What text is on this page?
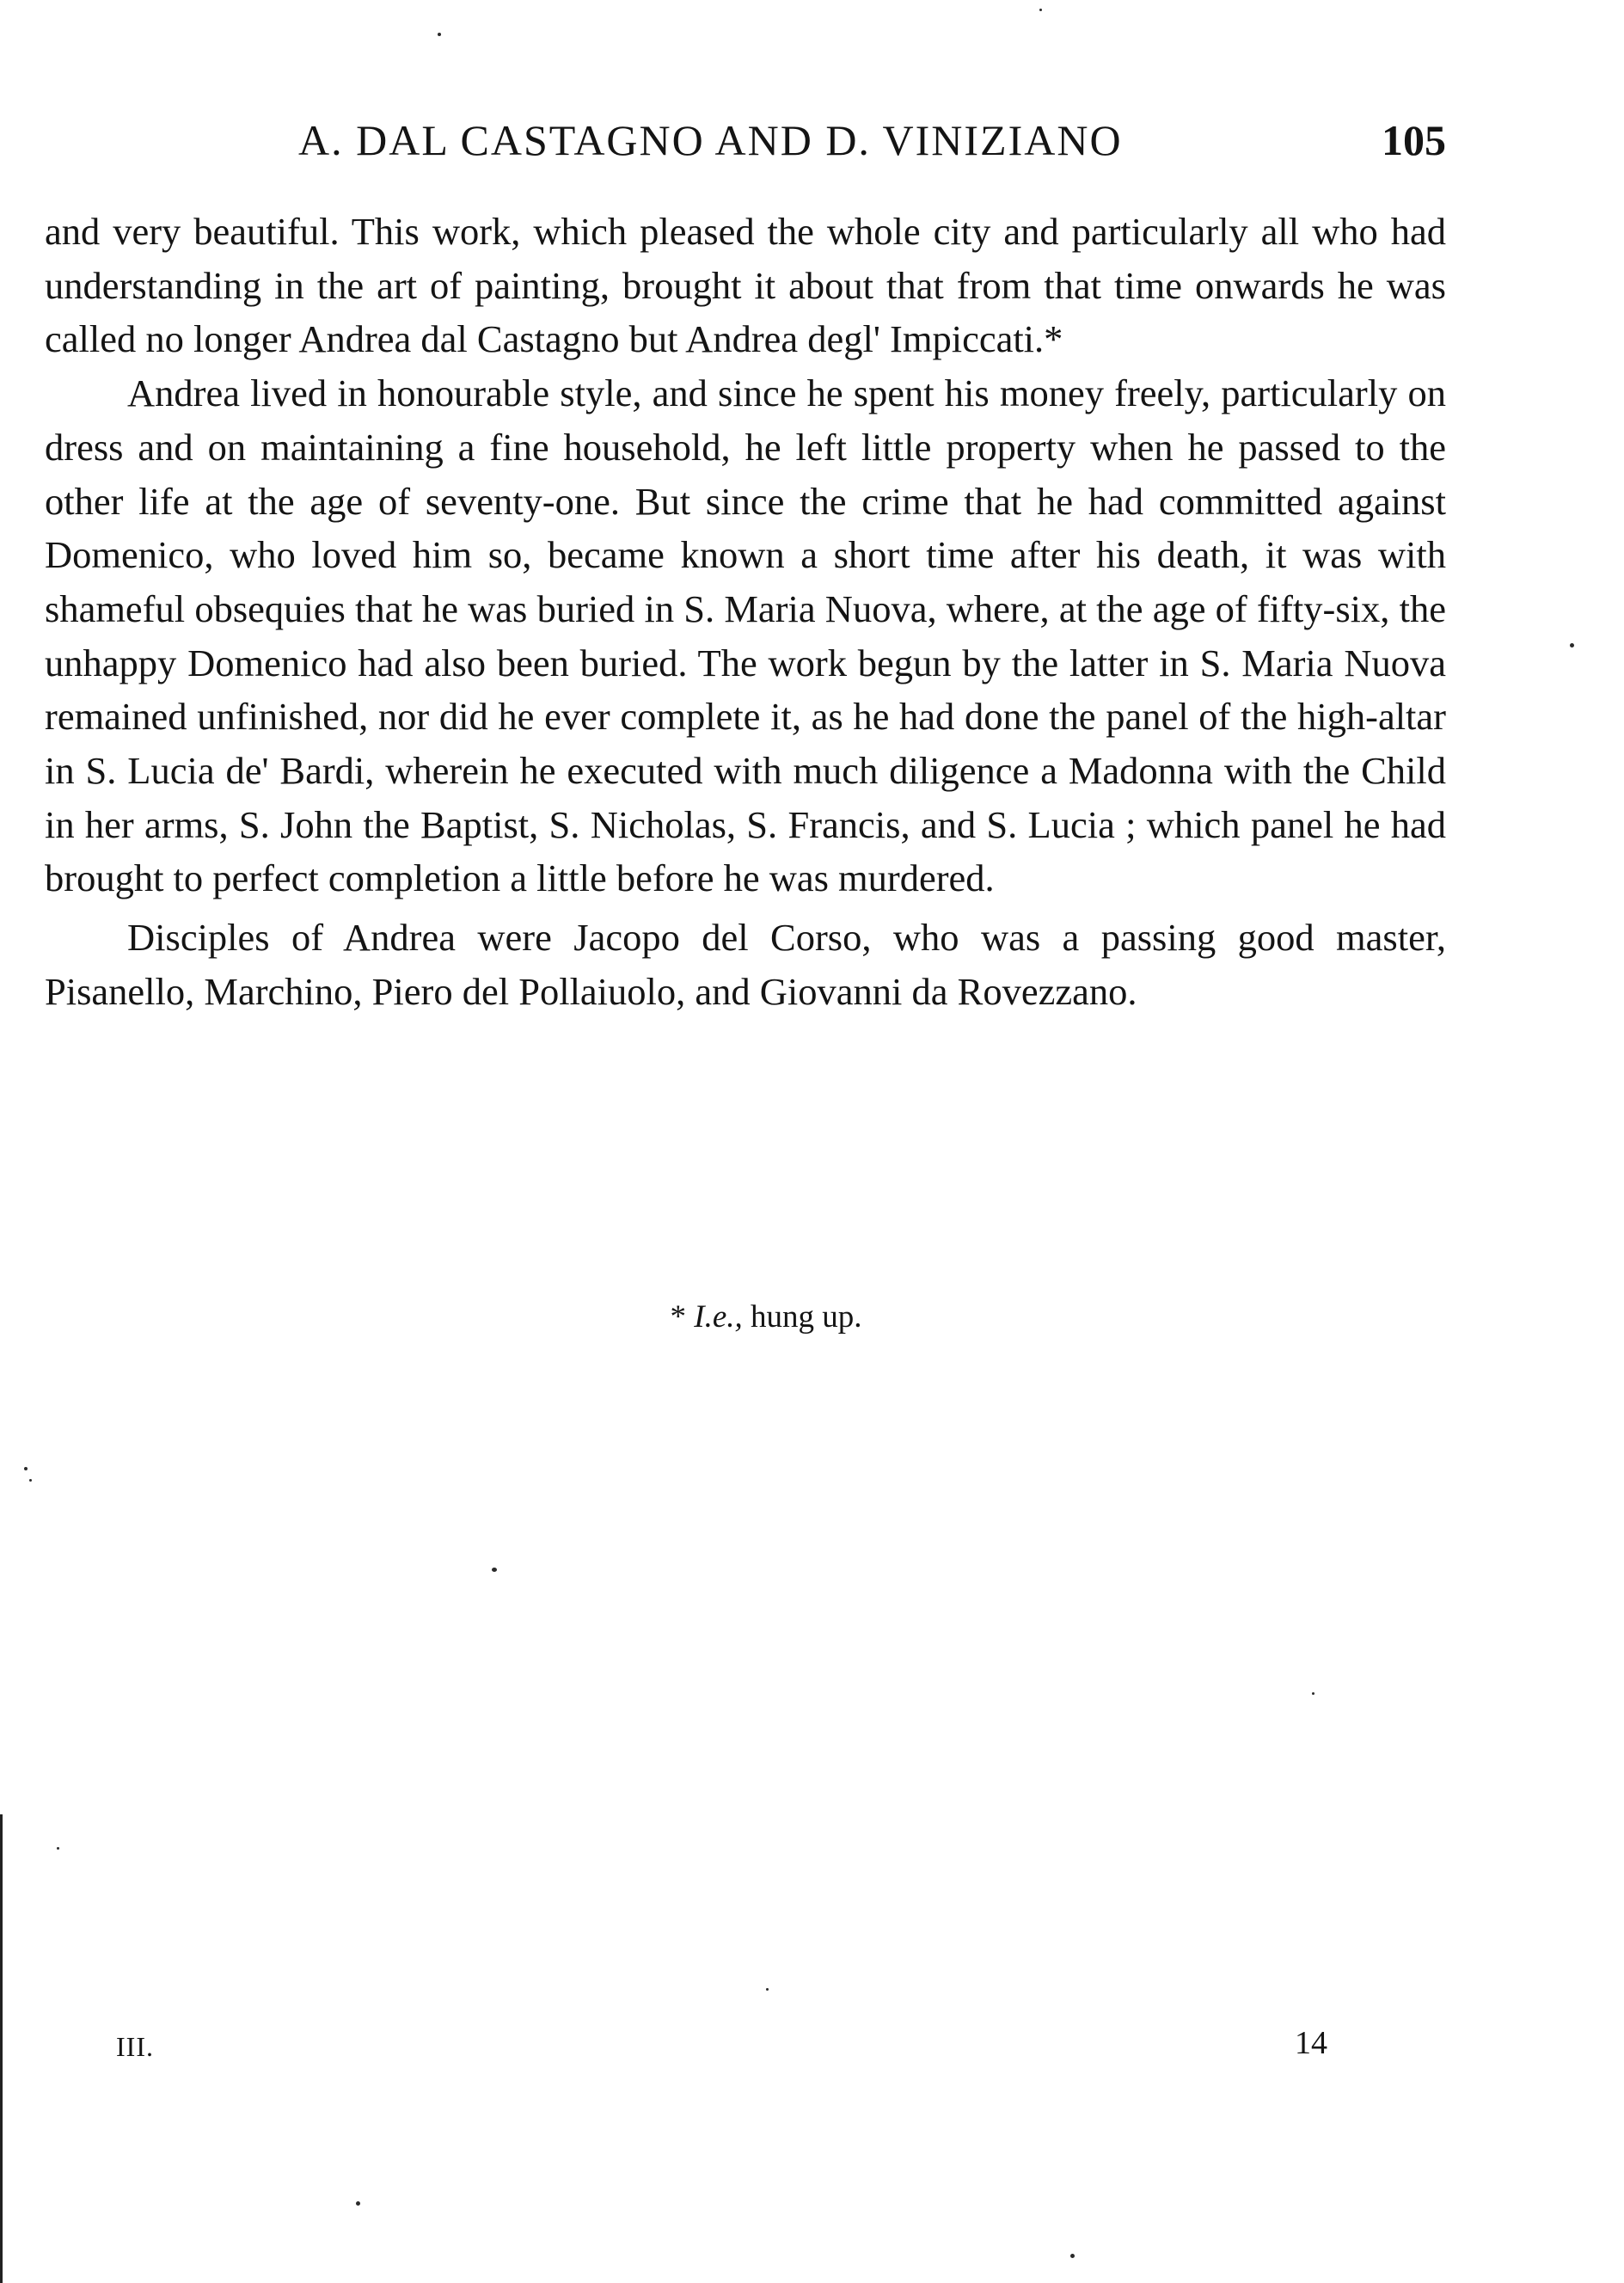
A. DAL CASTAGNO AND D. VINIZIANO	105

and very beautiful. This work, which pleased the whole city and particularly all who had understanding in the art of painting, brought it about that from that time onwards he was called no longer Andrea dal Castagno but Andrea degl' Impiccati.*

Andrea lived in honourable style, and since he spent his money freely, particularly on dress and on maintaining a fine household, he left little property when he passed to the other life at the age of seventy-one. But since the crime that he had committed against Domenico, who loved him so, became known a short time after his death, it was with shameful obsequies that he was buried in S. Maria Nuova, where, at the age of fifty-six, the unhappy Domenico had also been buried. The work begun by the latter in S. Maria Nuova remained unfinished, nor did he ever complete it, as he had done the panel of the high-altar in S. Lucia de' Bardi, wherein he executed with much diligence a Madonna with the Child in her arms, S. John the Baptist, S. Nicholas, S. Francis, and S. Lucia ; which panel he had brought to perfect completion a little before he was murdered.

Disciples of Andrea were Jacopo del Corso, who was a passing good master, Pisanello, Marchino, Piero del Pollaiuolo, and Giovanni da Rovezzano.

* I.e., hung up.
III.	14
